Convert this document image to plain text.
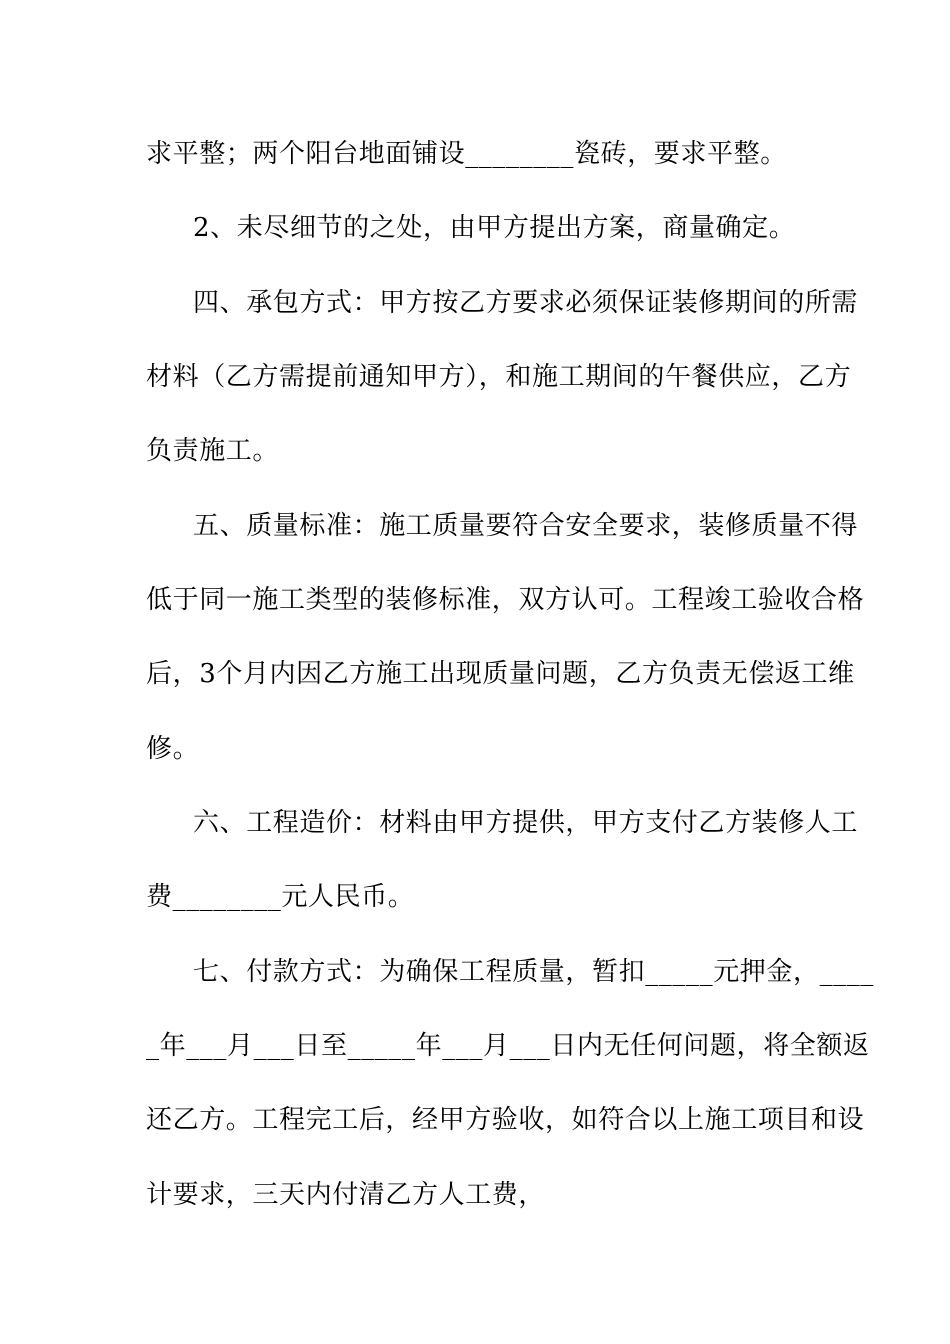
求平整；两个阳台地面铺设________瓷砖，要求平整。
2、未尽细节的之处，由甲方提出方案，商量确定。
四、承包方式：甲方按乙方要求必须保证装修期间的所需
材料（乙方需提前通知甲方），和施工期间的午餐供应，乙方
负责施工。
五、质量标准：施工质量要符合安全要求，装修质量不得
低于同一施工类型的装修标准，双方认可。工程竣工验收合格
后，3个月内因乙方施工出现质量问题，乙方负责无偿返工维
修。
六、工程造价：材料由甲方提供，甲方支付乙方装修人工
费________元人民币。
七、付款方式：为确保工程质量，暂扣_____元押金，____
_年___月___日至_____年___月___日内无任何问题，将全额返
还乙方。工程完工后，经甲方验收，如符合以上施工项目和设
计要求，三天内付清乙方人工费，
